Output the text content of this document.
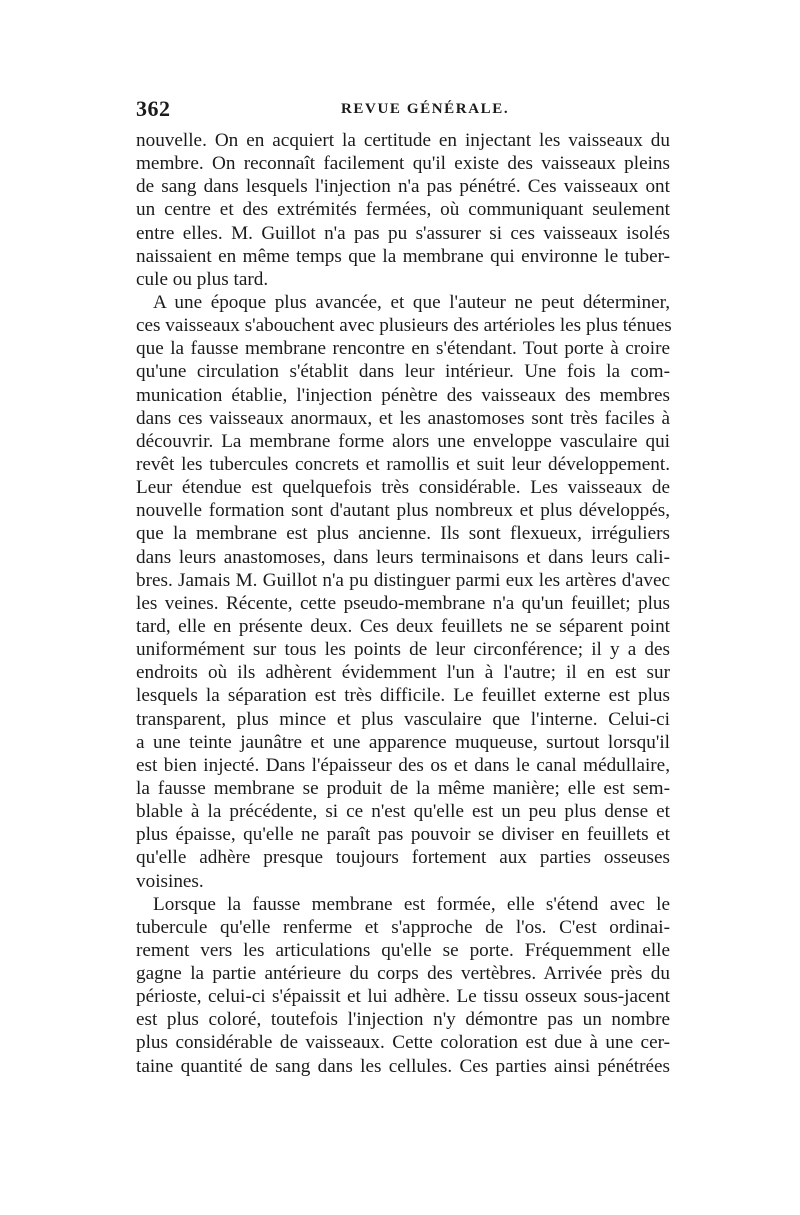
362	REVUE GÉNÉRALE.
nouvelle. On en acquiert la certitude en injectant les vaisseaux du
membre. On reconnaît facilement qu'il existe des vaisseaux pleins
de sang dans lesquels l'injection n'a pas pénétré. Ces vaisseaux ont
un centre et des extrémités fermées, où communiquant seulement
entre elles. M. Guillot n'a pas pu s'assurer si ces vaisseaux isolés
naissaient en même temps que la membrane qui environne le tuber-
cule ou plus tard.
A une époque plus avancée, et que l'auteur ne peut déterminer,
ces vaisseaux s'abouchent avec plusieurs des artérioles les plus ténues
que la fausse membrane rencontre en s'étendant. Tout porte à croire
qu'une circulation s'établit dans leur intérieur. Une fois la com-
munication établie, l'injection pénètre des vaisseaux des membres
dans ces vaisseaux anormaux, et les anastomoses sont très faciles à
découvrir. La membrane forme alors une enveloppe vasculaire qui
revêt les tubercules concrets et ramollis et suit leur développement.
Leur étendue est quelquefois très considérable. Les vaisseaux de
nouvelle formation sont d'autant plus nombreux et plus développés,
que la membrane est plus ancienne. Ils sont flexueux, irréguliers
dans leurs anastomoses, dans leurs terminaisons et dans leurs cali-
bres. Jamais M. Guillot n'a pu distinguer parmi eux les artères d'avec
les veines. Récente, cette pseudo-membrane n'a qu'un feuillet; plus
tard, elle en présente deux. Ces deux feuillets ne se séparent point
uniformément sur tous les points de leur circonférence; il y a des
endroits où ils adhèrent évidemment l'un à l'autre; il en est sur
lesquels la séparation est très difficile. Le feuillet externe est plus
transparent, plus mince et plus vasculaire que l'interne. Celui-ci
a une teinte jaunâtre et une apparence muqueuse, surtout lorsqu'il
est bien injecté. Dans l'épaisseur des os et dans le canal médullaire,
la fausse membrane se produit de la même manière; elle est sem-
blable à la précédente, si ce n'est qu'elle est un peu plus dense et
plus épaisse, qu'elle ne paraît pas pouvoir se diviser en feuillets et
qu'elle adhère presque toujours fortement aux parties osseuses
voisines.
Lorsque la fausse membrane est formée, elle s'étend avec le
tubercule qu'elle renferme et s'approche de l'os. C'est ordinai-
rement vers les articulations qu'elle se porte. Fréquemment elle
gagne la partie antérieure du corps des vertèbres. Arrivée près du
périoste, celui-ci s'épaissit et lui adhère. Le tissu osseux sous-jacent
est plus coloré, toutefois l'injection n'y démontre pas un nombre
plus considérable de vaisseaux. Cette coloration est due à une cer-
taine quantité de sang dans les cellules. Ces parties ainsi pénétrées
